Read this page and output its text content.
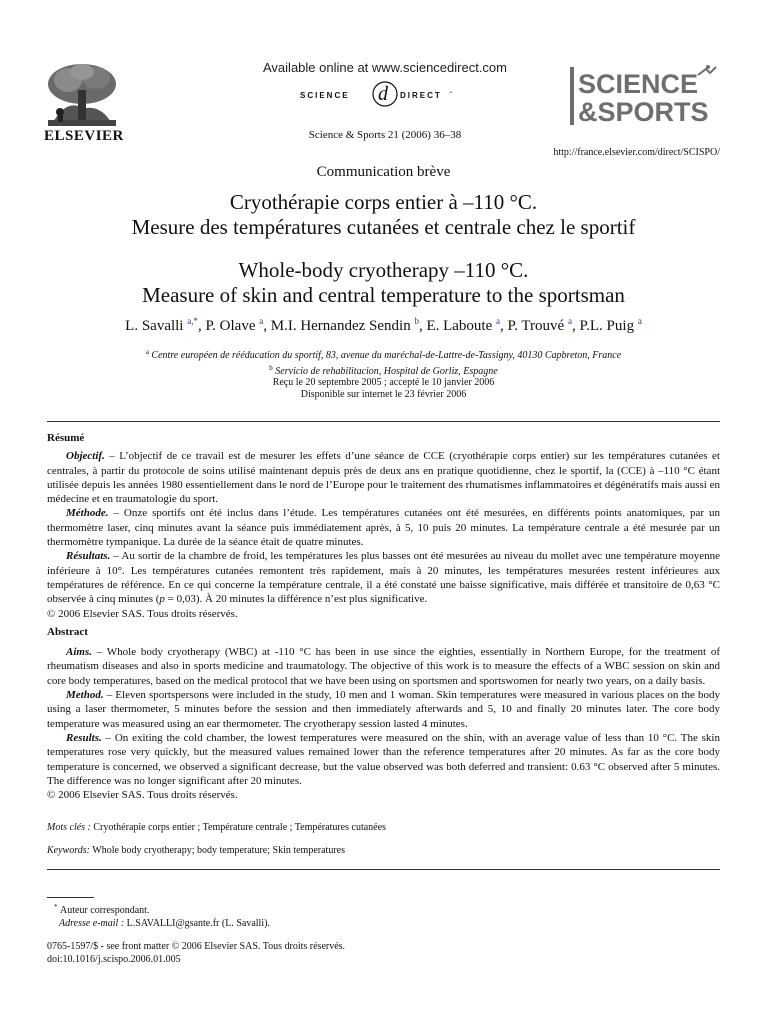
ELSEVIER
Available online at www.sciencedirect.com
SCIENCE d DIRECT •
Science & Sports 21 (2006) 36–38
SCIENCE
&SPORTS
http://france.elsevier.com/direct/SCISPO/
Communication brève
Cryothérapie corps entier à –110 °C.
Mesure des températures cutanées et centrale chez le sportif
Whole-body cryotherapy –110 °C.
Measure of skin and central temperature to the sportsman
L. Savalli $^{a,*}$, P. Olave $^a$, M.I. Hernandez Sendin $^b$, E. Laboute $^a$, P. Trouvé $^a$, P.L. Puig $^a$
$^a$ Centre européen de rééducation du sportif, 83, avenue du maréchal-de-Lattre-de-Tassigny, 40130 Capbreton, France
$^b$ Servicio de rehabilitacion, Hospital de Gorliz, Espagne
Reçu le 20 septembre 2005 ; accepté le 10 janvier 2006
Disponible sur internet le 23 février 2006
Résumé

Objectif. – L’objectif de ce travail est de mesurer les effets d’une séance de CCE (cryothérapie corps entier) sur les températures cutanées et centrales, à partir du protocole de soins utilisé maintenant depuis près de deux ans en pratique quotidienne, chez le sportif, la (CCE) à –110 °C étant utilisée depuis les années 1980 essentiellement dans le nord de l’Europe pour le traitement des rhumatismes inflammatoires et dégénératifs mais aussi en médecine et en traumatologie du sport.

Méthode. – Onze sportifs ont été inclus dans l’étude. Les températures cutanées ont été mesurées, en différents points anatomiques, par un thermomètre laser, cinq minutes avant la séance puis immédiatement après, à 5, 10 puis 20 minutes. La température centrale a été mesurée par un thermomètre tympanique. La durée de la séance était de quatre minutes.

Résultats. – Au sortir de la chambre de froid, les températures les plus basses ont été mesurées au niveau du mollet avec une température moyenne inférieure à 10°. Les températures cutanées remontent très rapidement, mais à 20 minutes, les températures mesurées restent inférieures aux températures de référence. En ce qui concerne la température centrale, il a été constaté une baisse significative, mais différée et transitoire de 0,63 °C observée à cinq minutes (p = 0,03). À 20 minutes la différence n’est plus significative.

© 2006 Elsevier SAS. Tous droits réservés.

Abstract

Aims. – Whole body cryotherapy (WBC) at -110 °C has been in use since the eighties, essentially in Northern Europe, for the treatment of rheumatism diseases and also in sports medicine and traumatology. The objective of this work is to measure the effects of a WBC session on skin and core body temperatures, based on the medical protocol that we have been using on sportsmen and sportswomen for nearly two years, on a daily basis.

Method. – Eleven sportspersons were included in the study, 10 men and 1 woman. Skin temperatures were measured in various places on the body using a laser thermometer, 5 minutes before the session and then immediately afterwards and 5, 10 and finally 20 minutes later. The core body temperature was measured using an ear thermometer. The cryotherapy session lasted 4 minutes.

Results. – On exiting the cold chamber, the lowest temperatures were measured on the shin, with an average value of less than 10 °C. The skin temperatures rose very quickly, but the measured values remained lower than the reference temperatures after 20 minutes. As far as the core body temperature is concerned, we observed a significant decrease, but the value observed was both deferred and transient: 0.63 °C observed after 5 minutes. The difference was no longer significant after 20 minutes.

© 2006 Elsevier SAS. Tous droits réservés.

Mots clés : Cryothérapie corps entier ; Température centrale ; Températures cutanées
Keywords: Whole body cryotherapy; body temperature; Skin temperatures
* Auteur correspondant.
Adresse e-mail : L.SAVALLI@gsante.fr (L. Savalli).
0765-1597/$ - see front matter © 2006 Elsevier SAS. Tous droits réservés.
doi:10.1016/j.scispo.2006.01.005
